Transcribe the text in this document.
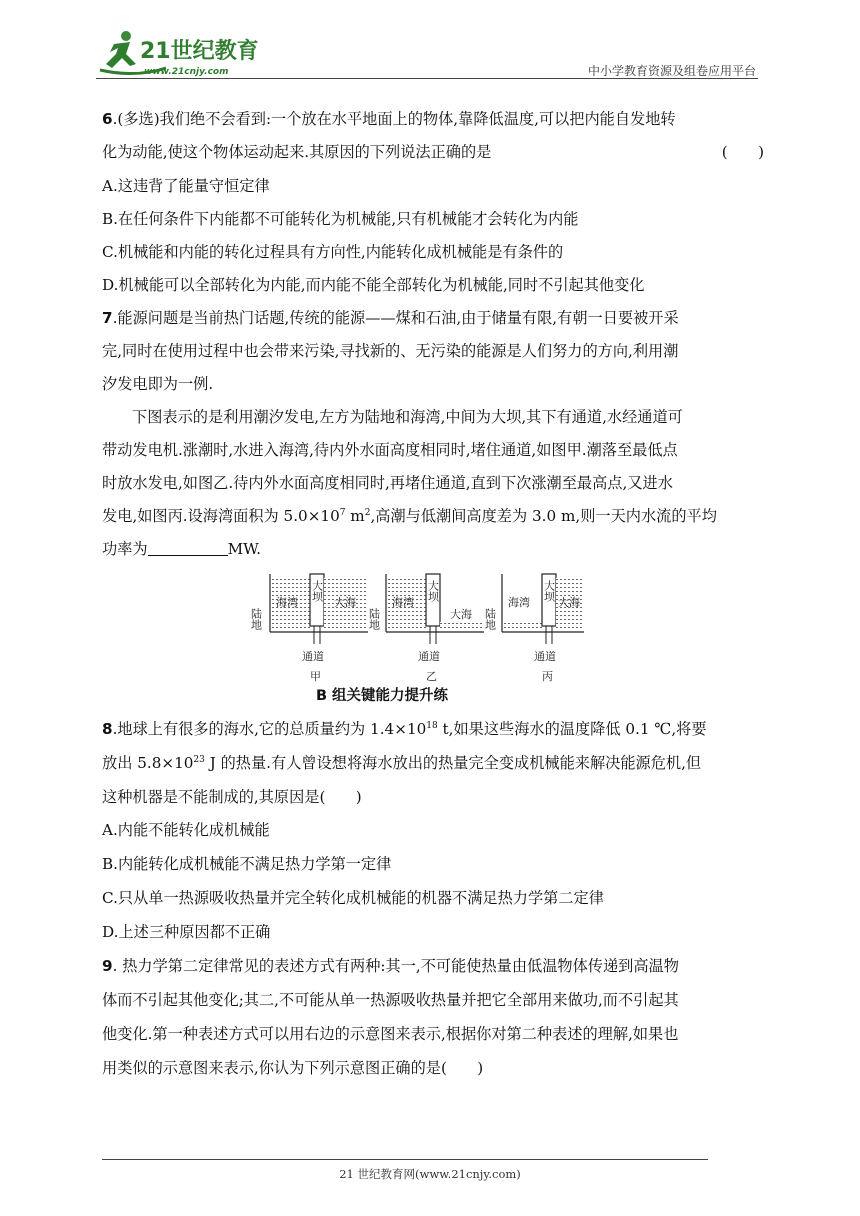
21世纪教育
www.21cnjy.com	中小学教育资源及组卷应用平台
6.(多选)我们绝不会看到:一个放在水平地面上的物体,靠降低温度,可以把内能自发地转
化为动能,使这个物体运动起来.其原因的下列说法正确的是	(　　)
A.这违背了能量守恒定律
B.在任何条件下内能都不可能转化为机械能,只有机械能才会转化为内能
C.机械能和内能的转化过程具有方向性,内能转化成机械能是有条件的
D.机械能可以全部转化为内能,而内能不能全部转化为机械能,同时不引起其他变化
7.能源问题是当前热门话题,传统的能源——煤和石油,由于储量有限,有朝一日要被开采
完,同时在使用过程中也会带来污染,寻找新的、无污染的能源是人们努力的方向,利用潮
汐发电即为一例.
下图表示的是利用潮汐发电,左方为陆地和海湾,中间为大坝,其下有通道,水经通道可
带动发电机.涨潮时,水进入海湾,待内外水面高度相同时,堵住通道,如图甲.潮落至最低点
时放水发电,如图乙.待内外水面高度相同时,再堵住通道,直到下次涨潮至最高点,又进水
发电,如图丙.设海湾面积为 $5.0\times 10^7$ $m^2$,高潮与低潮间高度差为 3.0 m,则一天内水流的平均
功率为	MW.
B 组关键能力提升练
8.地球上有很多的海水,它的总质量约为 $1.4\times 10^{18}$ t,如果这些海水的温度降低 0.1 ℃,将要
放出 $5.8\times 10^{23}$ J 的热量.有人曾设想将海水放出的热量完全变成机械能来解决能源危机,但
这种机器是不能制成的,其原因是(　　)
A.内能不能转化成机械能
B.内能转化成机械能不满足热力学第一定律
C.只从单一热源吸收热量并完全转化成机械能的机器不满足热力学第二定律
D.上述三种原因都不正确
9. 热力学第二定律常见的表述方式有两种:其一,不可能使热量由低温物体传递到高温物
体而不引起其他变化;其二,不可能从单一热源吸收热量并把它全部用来做功,而不引起其
他变化.第一种表述方式可以用右边的示意图来表示,根据你对第二种表述的理解,如果也
用类似的示意图来表示,你认为下列示意图正确的是(　　)
陆地
海湾
大坝
大海
通道
甲
陆地
海湾
大坝
大海
通道
乙
陆地
海湾
大坝
大海
通道
丙
21 世纪教育网(www.21cnjy.com)
